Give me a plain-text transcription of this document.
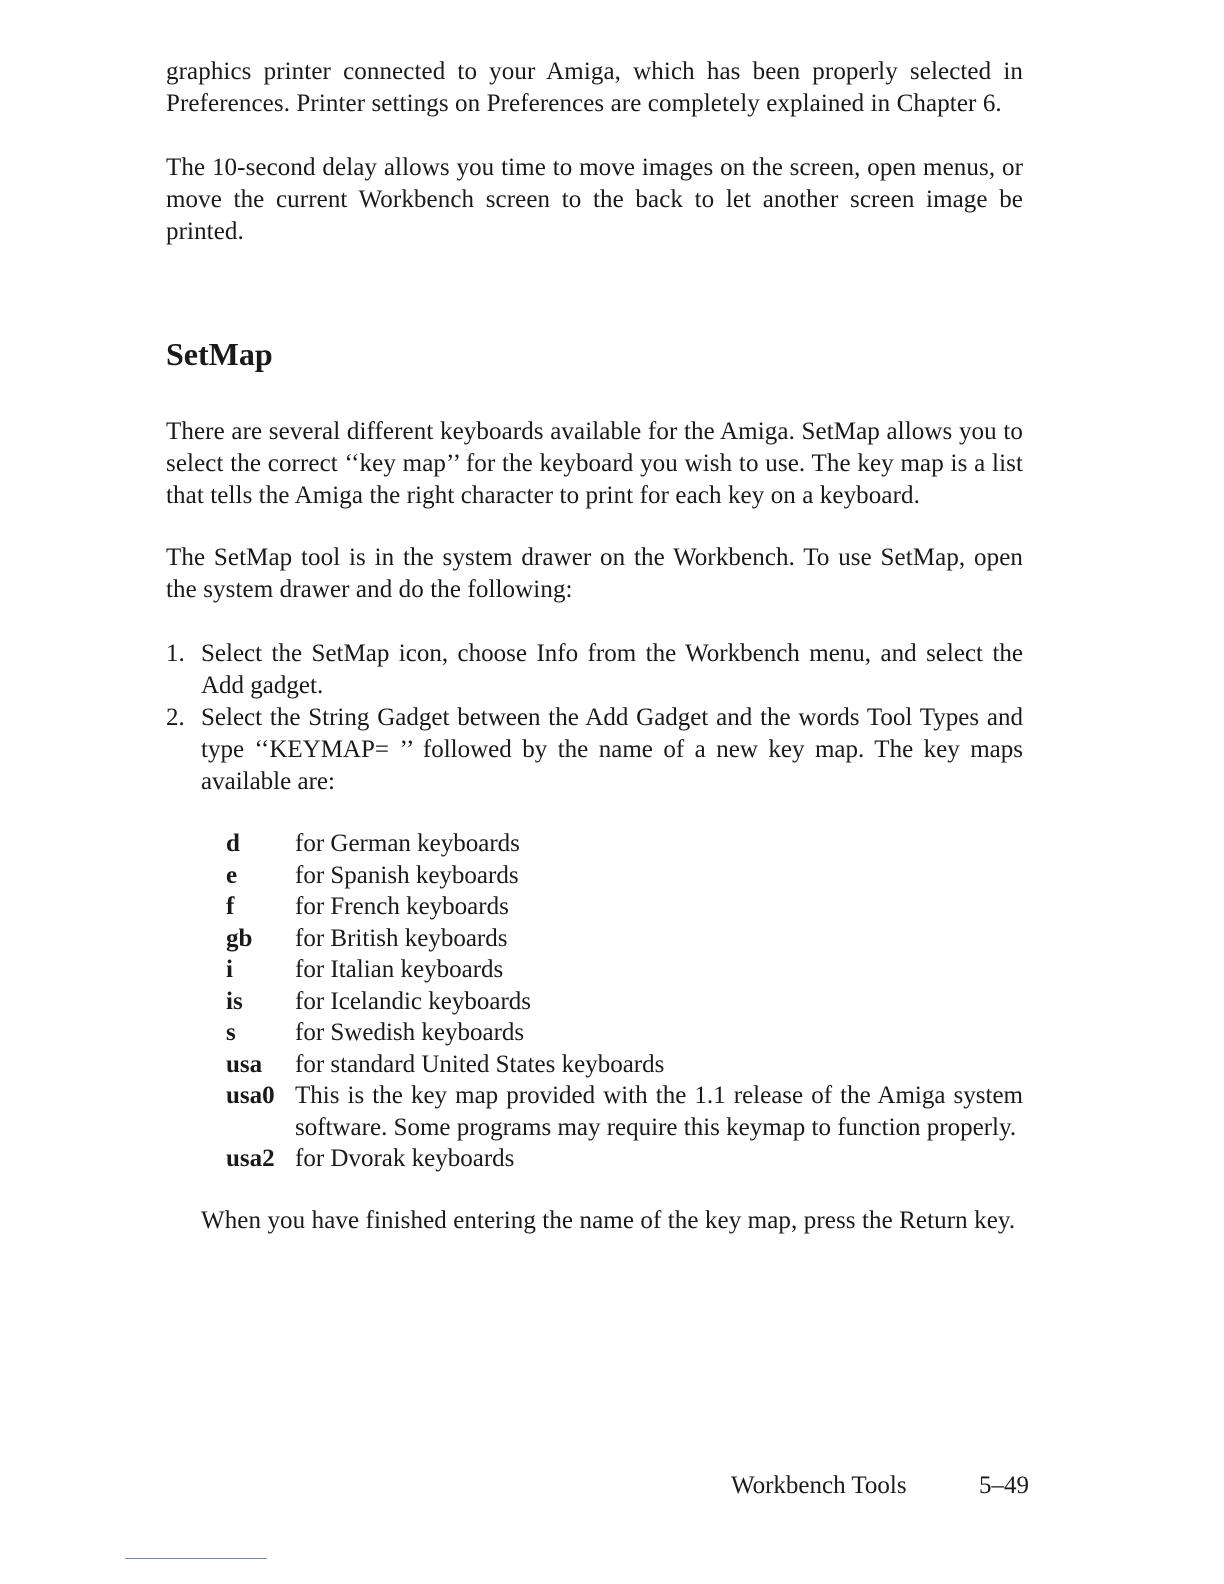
graphics printer connected to your Amiga, which has been properly selected in Preferences. Printer settings on Preferences are completely explained in Chapter 6.

The 10-second delay allows you time to move images on the screen, open menus, or move the current Workbench screen to the back to let another screen image be printed.

SetMap

There are several different keyboards available for the Amiga. SetMap allows you to select the correct ‘‘key map’’ for the keyboard you wish to use. The key map is a list that tells the Amiga the right character to print for each key on a keyboard.

The SetMap tool is in the system drawer on the Workbench. To use SetMap, open the system drawer and do the following:

1. Select the SetMap icon, choose Info from the Workbench menu, and select the Add gadget.
2. Select the String Gadget between the Add Gadget and the words Tool Types and type ‘‘KEYMAP= ’’ followed by the name of a new key map. The key maps available are:
d	for German keyboards
e	for Spanish keyboards
f	for French keyboards
gb	for British keyboards
i	for Italian keyboards
is	for Icelandic keyboards
s	for Swedish keyboards
usa	for standard United States keyboards
usa0 This is the key map provided with the 1.1 release of the Amiga system software. Some programs may require this keymap to function properly.
usa2 for Dvorak keyboards

When you have finished entering the name of the key map, press the Return key.

Workbench Tools	5–49
